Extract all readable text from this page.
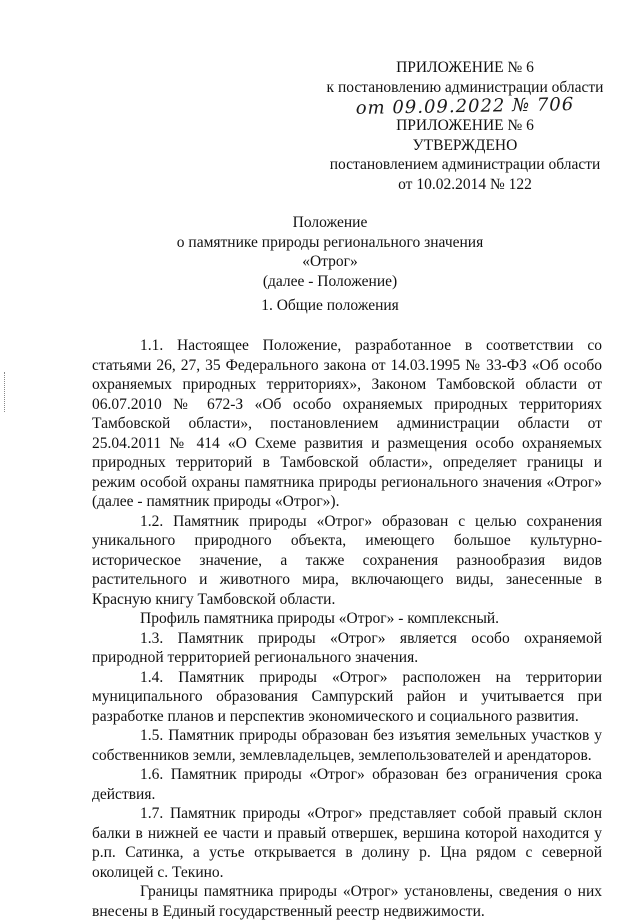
ПРИЛОЖЕНИЕ № 6
к постановлению администрации области
от 09.09.2022 № 706
ПРИЛОЖЕНИЕ № 6
УТВЕРЖДЕНО
постановлением администрации области
от 10.02.2014 № 122
Положение
о памятнике природы регионального значения
«Отрог»
(далее - Положение)
1. Общие положения

1.1. Настоящее Положение, разработанное в соответствии со статьями 26, 27, 35 Федерального закона от 14.03.1995 № 33-ФЗ «Об особо охраняемых природных территориях», Законом Тамбовской области от 06.07.2010 № 672-З «Об особо охраняемых природных территориях Тамбовской области», постановлением администрации области от 25.04.2011 № 414 «О Схеме развития и размещения особо охраняемых природных территорий в Тамбовской области», определяет границы и режим особой охраны памятника природы регионального значения «Отрог» (далее - памятник природы «Отрог»).

1.2. Памятник природы «Отрог» образован с целью сохранения уникального природного объекта, имеющего большое культурно-историческое значение, а также сохранения разнообразия видов растительного и животного мира, включающего виды, занесенные в Красную книгу Тамбовской области.

Профиль памятника природы «Отрог» - комплексный.

1.3. Памятник природы «Отрог» является особо охраняемой природной территорией регионального значения.

1.4. Памятник природы «Отрог» расположен на территории муниципального образования Сампурский район и учитывается при разработке планов и перспектив экономического и социального развития.

1.5. Памятник природы образован без изъятия земельных участков у собственников земли, землевладельцев, землепользователей и арендаторов.

1.6. Памятник природы «Отрог» образован без ограничения срока действия.

1.7. Памятник природы «Отрог» представляет собой правый склон балки в нижней ее части и правый отвершек, вершина которой находится у р.п. Сатинка, а устье открывается в долину р. Цна рядом с северной околицей с. Текино.

Границы памятника природы «Отрог» установлены, сведения о них внесены в Единый государственный реестр недвижимости.
